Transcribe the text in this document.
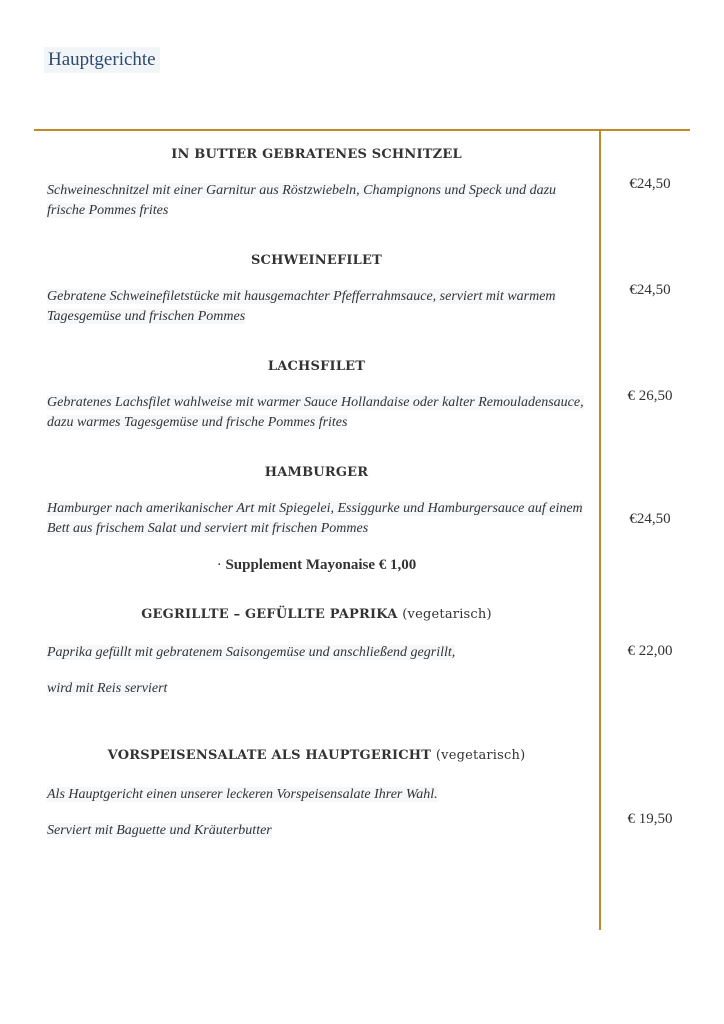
Hauptgerichte
IN BUTTER GEBRATENES SCHNITZEL
Schweineschnitzel mit einer Garnitur aus Röstzwiebeln, Champignons und Speck und dazu
frische Pommes frites
€24,50
SCHWEINEFILET
Gebratene Schweinefiletstücke mit hausgemachter Pfefferrahmsauce, serviert mit warmem
Tagesgemüse und frischen Pommes
€24,50
LACHSFILET
Gebratenes Lachsfilet wahlweise mit warmer Sauce Hollandaise oder kalter Remouladensauce,
dazu warmes Tagesgemüse und frische Pommes frites
€ 26,50
HAMBURGER
Hamburger nach amerikanischer Art mit Spiegelei, Essiggurke und Hamburgersauce auf einem
Bett aus frischem Salat und serviert mit frischen Pommes
€24,50
· Supplement Mayonaise € 1,00
GEGRILLTE – GEFÜLLTE PAPRIKA (vegetarisch)
Paprika gefüllt mit gebratenem Saisongemüse und anschließend gegrillt,
wird mit Reis serviert
€ 22,00
VORSPEISENSALATE ALS HAUPTGERICHT (vegetarisch)
Als Hauptgericht einen unserer leckeren Vorspeisensalate Ihrer Wahl.
Serviert mit Baguette und Kräuterbutter
€ 19,50
